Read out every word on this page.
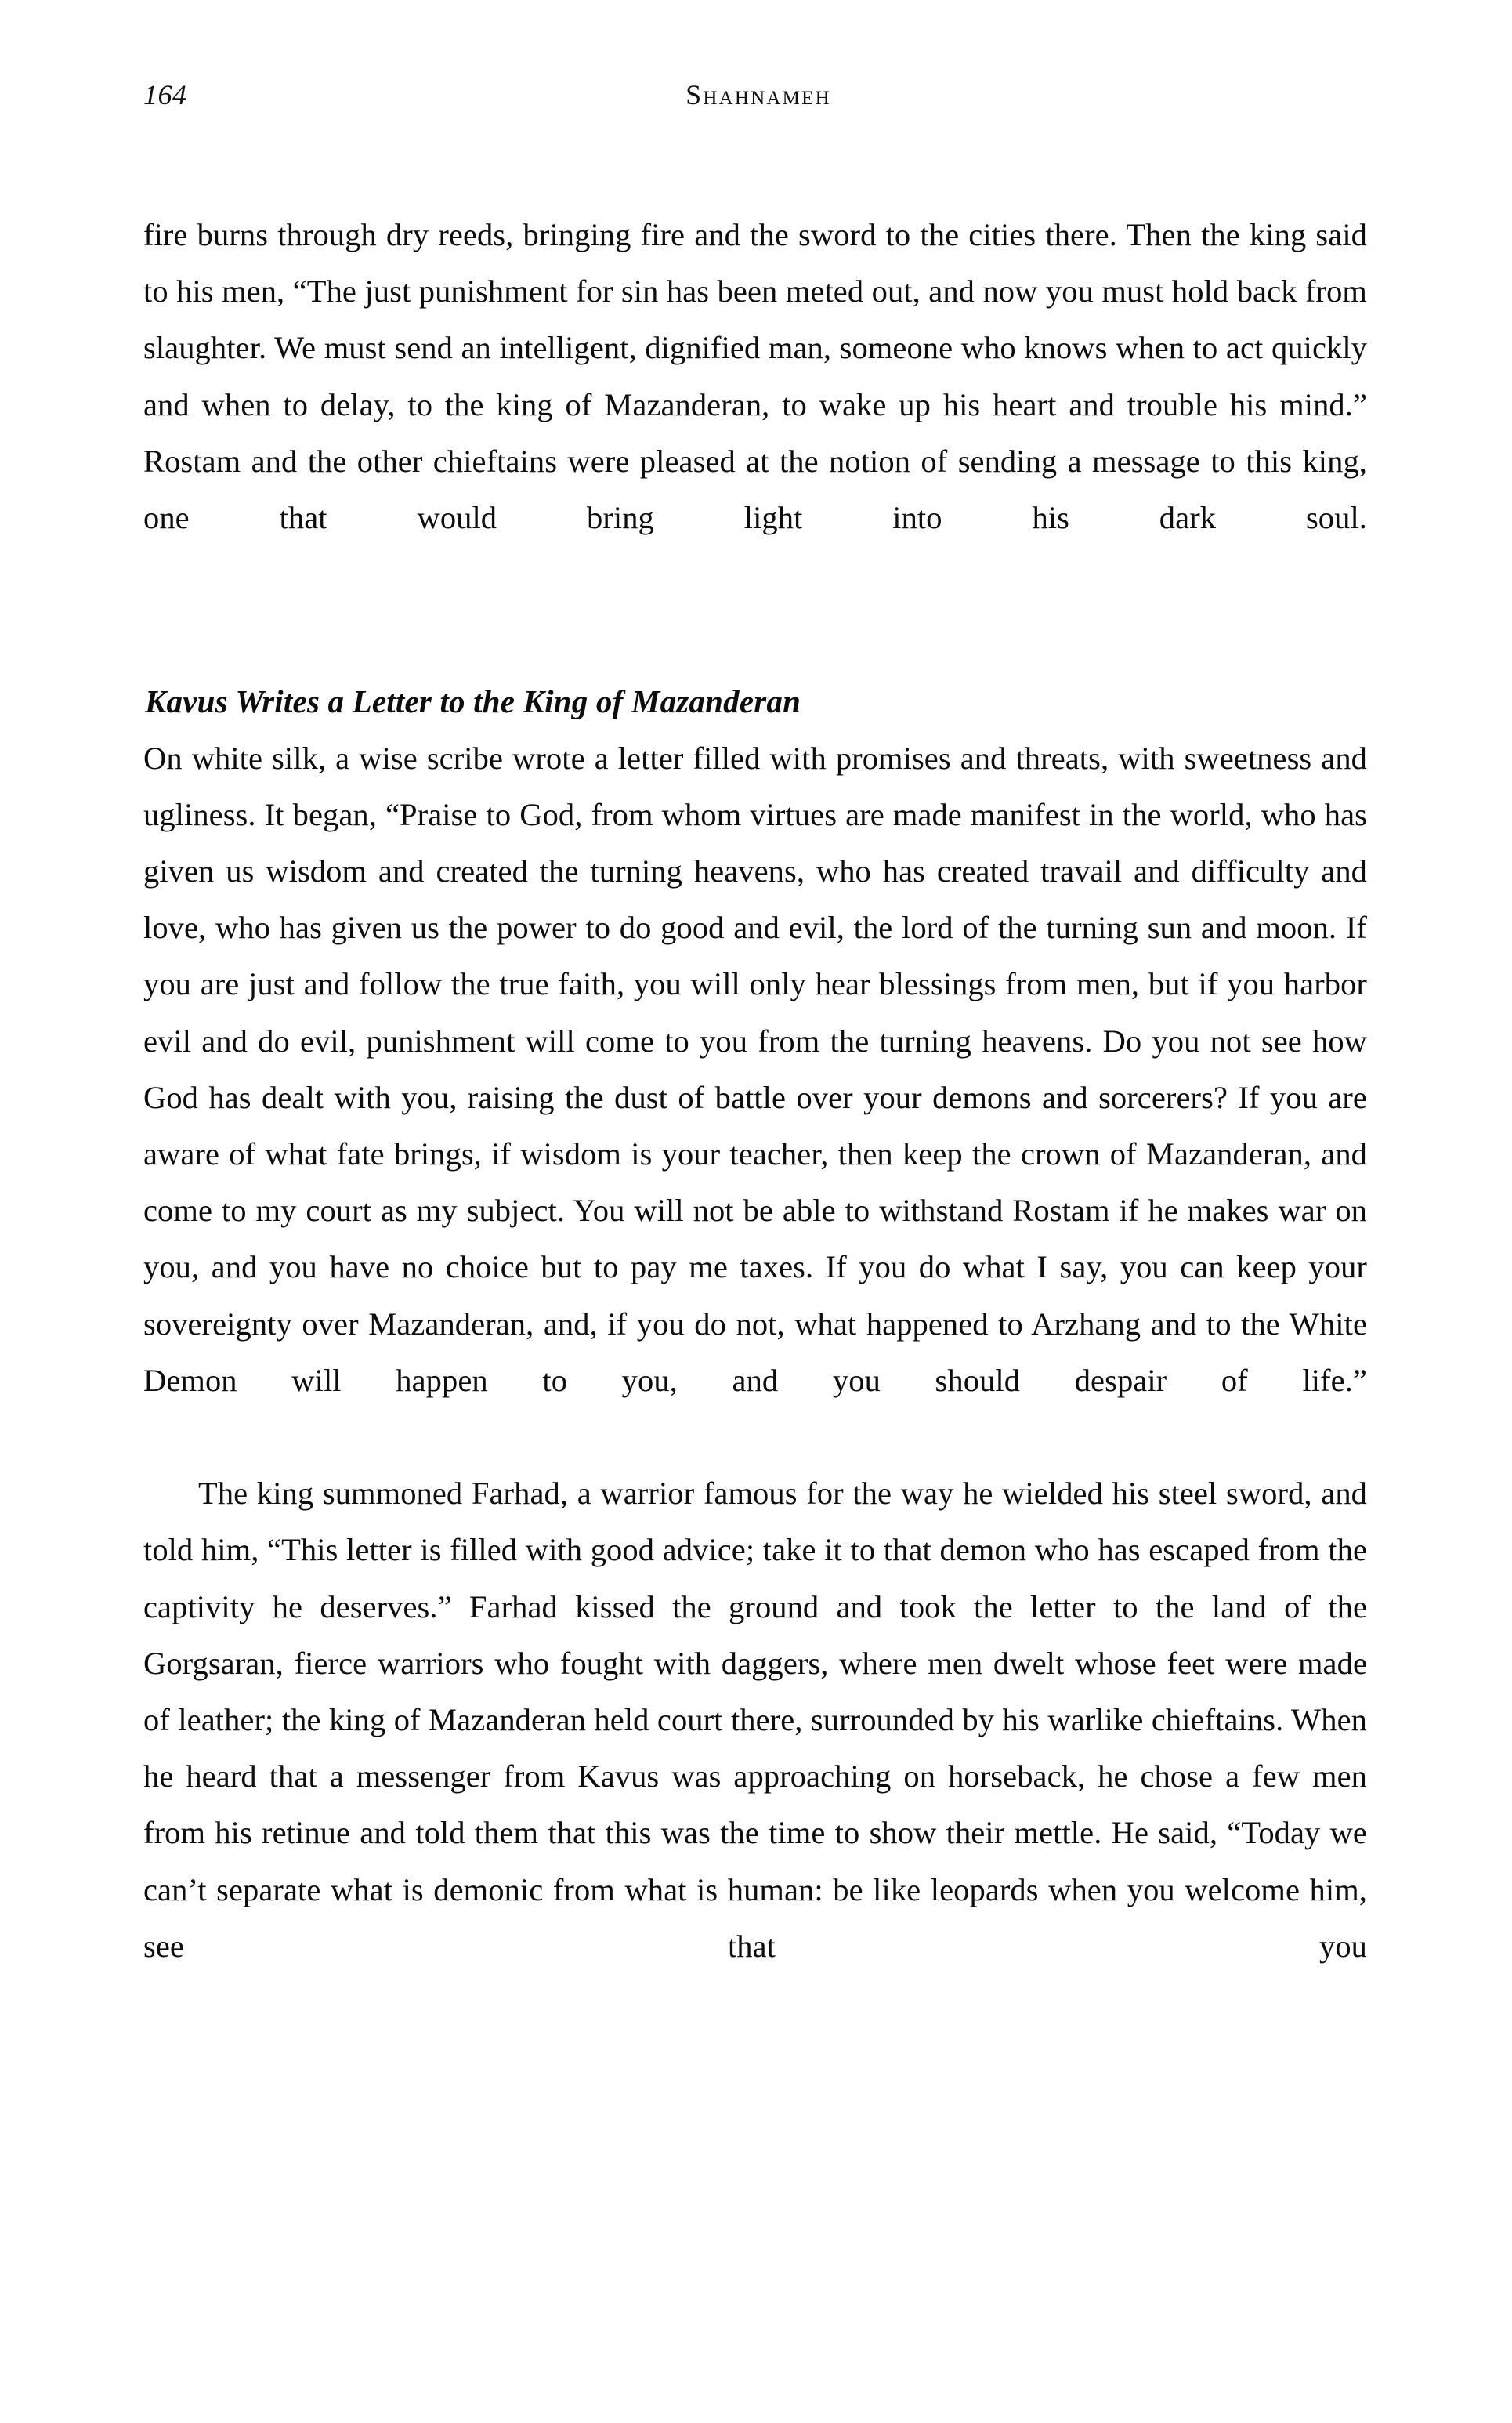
164	Shahnameh

fire burns through dry reeds, bringing fire and the sword to the cities there. Then the king said to his men, “The just punishment for sin has been meted out, and now you must hold back from slaughter. We must send an intelligent, dignified man, someone who knows when to act quickly and when to delay, to the king of Mazanderan, to wake up his heart and trouble his mind.” Rostam and the other chieftains were pleased at the notion of sending a message to this king, one that would bring light into his dark soul.

Kavus Writes a Letter to the King of Mazanderan

On white silk, a wise scribe wrote a letter filled with promises and threats, with sweetness and ugliness. It began, “Praise to God, from whom virtues are made manifest in the world, who has given us wisdom and created the turning heavens, who has created travail and difficulty and love, who has given us the power to do good and evil, the lord of the turning sun and moon. If you are just and follow the true faith, you will only hear blessings from men, but if you harbor evil and do evil, punishment will come to you from the turning heavens. Do you not see how God has dealt with you, raising the dust of battle over your demons and sorcerers? If you are aware of what fate brings, if wisdom is your teacher, then keep the crown of Mazanderan, and come to my court as my subject. You will not be able to withstand Rostam if he makes war on you, and you have no choice but to pay me taxes. If you do what I say, you can keep your sovereignty over Mazanderan, and, if you do not, what happened to Arzhang and to the White Demon will happen to you, and you should despair of life.”

The king summoned Farhad, a warrior famous for the way he wielded his steel sword, and told him, “This letter is filled with good advice; take it to that demon who has escaped from the captivity he deserves.” Farhad kissed the ground and took the letter to the land of the Gorgsaran, fierce warriors who fought with daggers, where men dwelt whose feet were made of leather; the king of Mazanderan held court there, surrounded by his warlike chieftains. When he heard that a messenger from Kavus was approaching on horseback, he chose a few men from his retinue and told them that this was the time to show their mettle. He said, “Today we can’t separate what is demonic from what is human: be like leopards when you welcome him, see that you
